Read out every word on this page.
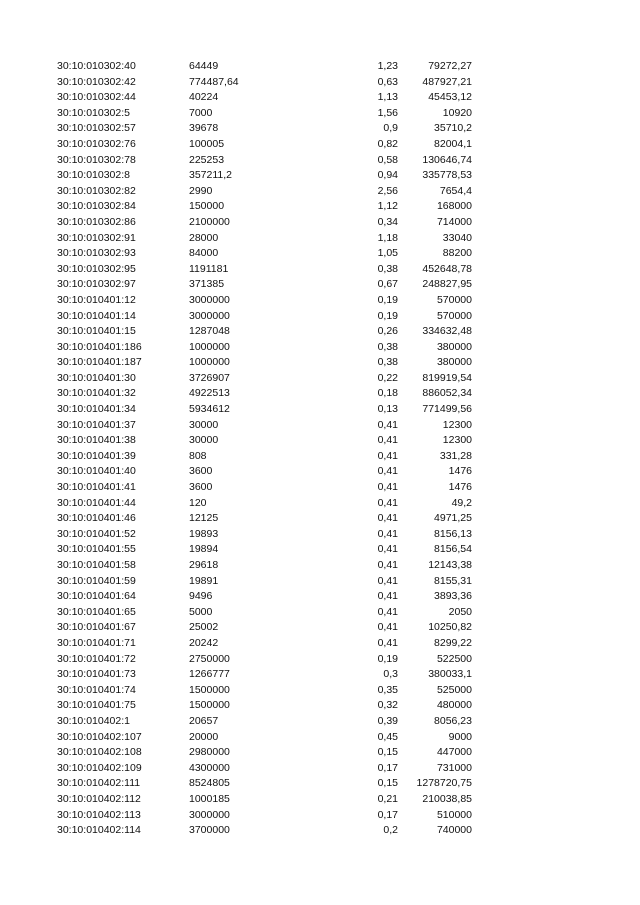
30:10:010302:40	64449	1,23	79272,27
30:10:010302:42	774487,64	0,63 487927,21
30:10:010302:44	40224	1,13	45453,12
30:10:010302:5	7000	1,56	10920
30:10:010302:57	39678	0,9	35710,2
30:10:010302:76	100005	0,82	82004,1
30:10:010302:78	225253	0,58 130646,74
30:10:010302:8	357211,2	0,94 335778,53
30:10:010302:82	2990	2,56	7654,4
30:10:010302:84	150000	1,12	168000
30:10:010302:86	2100000	0,34	714000
30:10:010302:91	28000	1,18	33040
30:10:010302:93	84000	1,05	88200
30:10:010302:95	1191181	0,38 452648,78
30:10:010302:97	371385	0,67 248827,95
30:10:010401:12	3000000	0,19	570000
30:10:010401:14	3000000	0,19	570000
30:10:010401:15	1287048	0,26 334632,48
30:10:010401:186	1000000	0,38	380000
30:10:010401:187	1000000	0,38	380000
30:10:010401:30	3726907	0,22 819919,54
30:10:010401:32	4922513	0,18 886052,34
30:10:010401:34	5934612	0,13 771499,56
30:10:010401:37	30000	0,41	12300
30:10:010401:38	30000	0,41	12300
30:10:010401:39	808	0,41	331,28
30:10:010401:40	3600	0,41	1476
30:10:010401:41	3600	0,41	1476
30:10:010401:44	120	0,41	49,2
30:10:010401:46	12125	0,41	4971,25
30:10:010401:52	19893	0,41	8156,13
30:10:010401:55	19894	0,41	8156,54
30:10:010401:58	29618	0,41	12143,38
30:10:010401:59	19891	0,41	8155,31
30:10:010401:64	9496	0,41	3893,36
30:10:010401:65	5000	0,41	2050
30:10:010401:67	25002	0,41	10250,82
30:10:010401:71	20242	0,41	8299,22
30:10:010401:72	2750000	0,19	522500
30:10:010401:73	1266777	0,3	380033,1
30:10:010401:74	1500000	0,35	525000
30:10:010401:75	1500000	0,32	480000
30:10:010402:1	20657	0,39	8056,23
30:10:010402:107	20000	0,45	9000
30:10:010402:108	2980000	0,15	447000
30:10:010402:109	4300000	0,17	731000
30:10:010402:111	8524805	0,15 1278720,75
30:10:010402:112	1000185	0,21 210038,85
30:10:010402:113	3000000	0,17	510000
30:10:010402:114	3700000	0,2	740000
